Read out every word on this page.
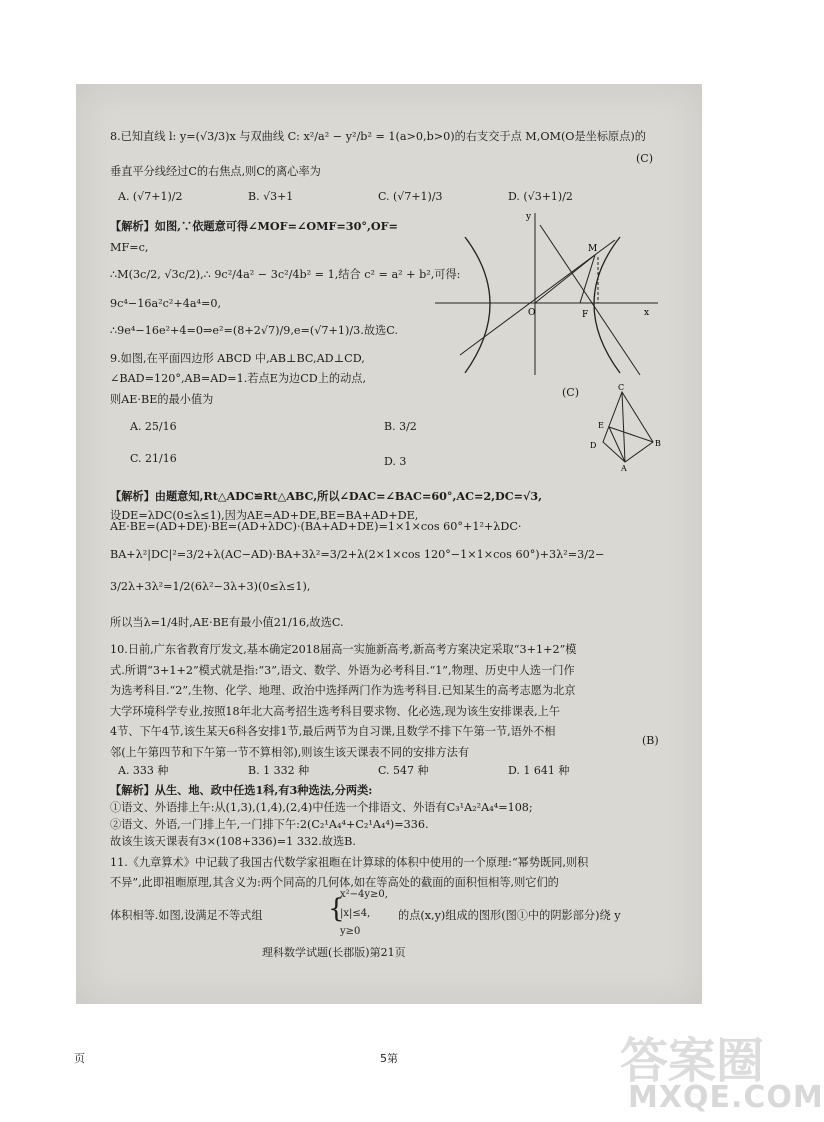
8.已知直线 l: y=(√3/3)x 与双曲线 C: x²/a² − y²/b² = 1(a>0,b>0)的右支交于点 M,OM(O是坐标原点)的
(C)
垂直平分线经过C的右焦点,则C的离心率为
A. (√7+1)/2	B. √3+1	C. (√7+1)/3	D. (√3+1)/2
【解析】如图,∵依题意可得∠MOF=∠OMF=30°,OF=
MF=c,
∴M(3c/2, √3c/2),∴ 9c²/4a² − 3c²/4b² = 1,结合 c² = a² + b²,可得:
9c⁴−16a²c²+4a⁴=0,
∴9e⁴−16e²+4=0⇒e²=(8+2√7)/9,e=(√7+1)/3.故选C.
y
x
O	F
M
(C)
9.如图,在平面四边形 ABCD 中,AB⊥BC,AD⊥CD,
∠BAD=120°,AB=AD=1.若点E为边CD上的动点,
则AE·BE的最小值为
A. 25/16	B. 3/2
C. 21/16	D. 3
C
E
D	B
A
【解析】由题意知,Rt△ADC≌Rt△ABC,所以∠DAC=∠BAC=60°,AC=2,DC=√3,
设DE=λDC(0≤λ≤1),因为AE=AD+DE,BE=BA+AD+DE,
AE·BE=(AD+DE)·BE=(AD+λDC)·(BA+AD+DE)=1×1×cos 60°+1²+λDC·
BA+λ²|DC|²=3/2+λ(AC−AD)·BA+3λ²=3/2+λ(2×1×cos 120°−1×1×cos 60°)+3λ²=3/2−
3/2λ+3λ²=1/2(6λ²−3λ+3)(0≤λ≤1),
所以当λ=1/4时,AE·BE有最小值21/16,故选C.
10.日前,广东省教育厅发文,基本确定2018届高一实施新高考,新高考方案决定采取“3+1+2”模
式.所谓“3+1+2”模式就是指:“3”,语文、数学、外语为必考科目.“1”,物理、历史中人选一门作
为选考科目.“2”,生物、化学、地理、政治中选择两门作为选考科目.已知某生的高考志愿为北京
大学环境科学专业,按照18年北大高考招生选考科目要求物、化必选,现为该生安排课表,上午
4节、下午4节,该生某天6科各安排1节,最后两节为自习课,且数学不排下午第一节,语外不相
邻(上午第四节和下午第一节不算相邻),则该生该天课表不同的安排方法有
(B)
A. 333 种	B. 1 332 种	C. 547 种	D. 1 641 种
【解析】从生、地、政中任选1科,有3种选法,分两类:
①语文、外语排上午:从(1,3),(1,4),(2,4)中任选一个排语文、外语有C₃¹A₂²A₄⁴=108;
②语文、外语,一门排上午,一门排下午:2(C₂¹A₄⁴+C₂¹A₄⁴)=336.
故该生该天课表有3×(108+336)=1 332.故选B.
11.《九章算术》中记载了我国古代数学家祖暅在计算球的体积中使用的一个原理:“幂势既同,则积
不异”,此即祖暅原理,其含义为:两个同高的几何体,如在等高处的截面的面积恒相等,则它们的
体积相等.如图,设满足不等式组	{
x²−4y≥0,
|x|≤4,
y≥0
的点(x,y)组成的图形(图①中的阴影部分)绕 y
理科数学试题(长郡版)第21页
页	5第	答案圈
MXQE.COM
